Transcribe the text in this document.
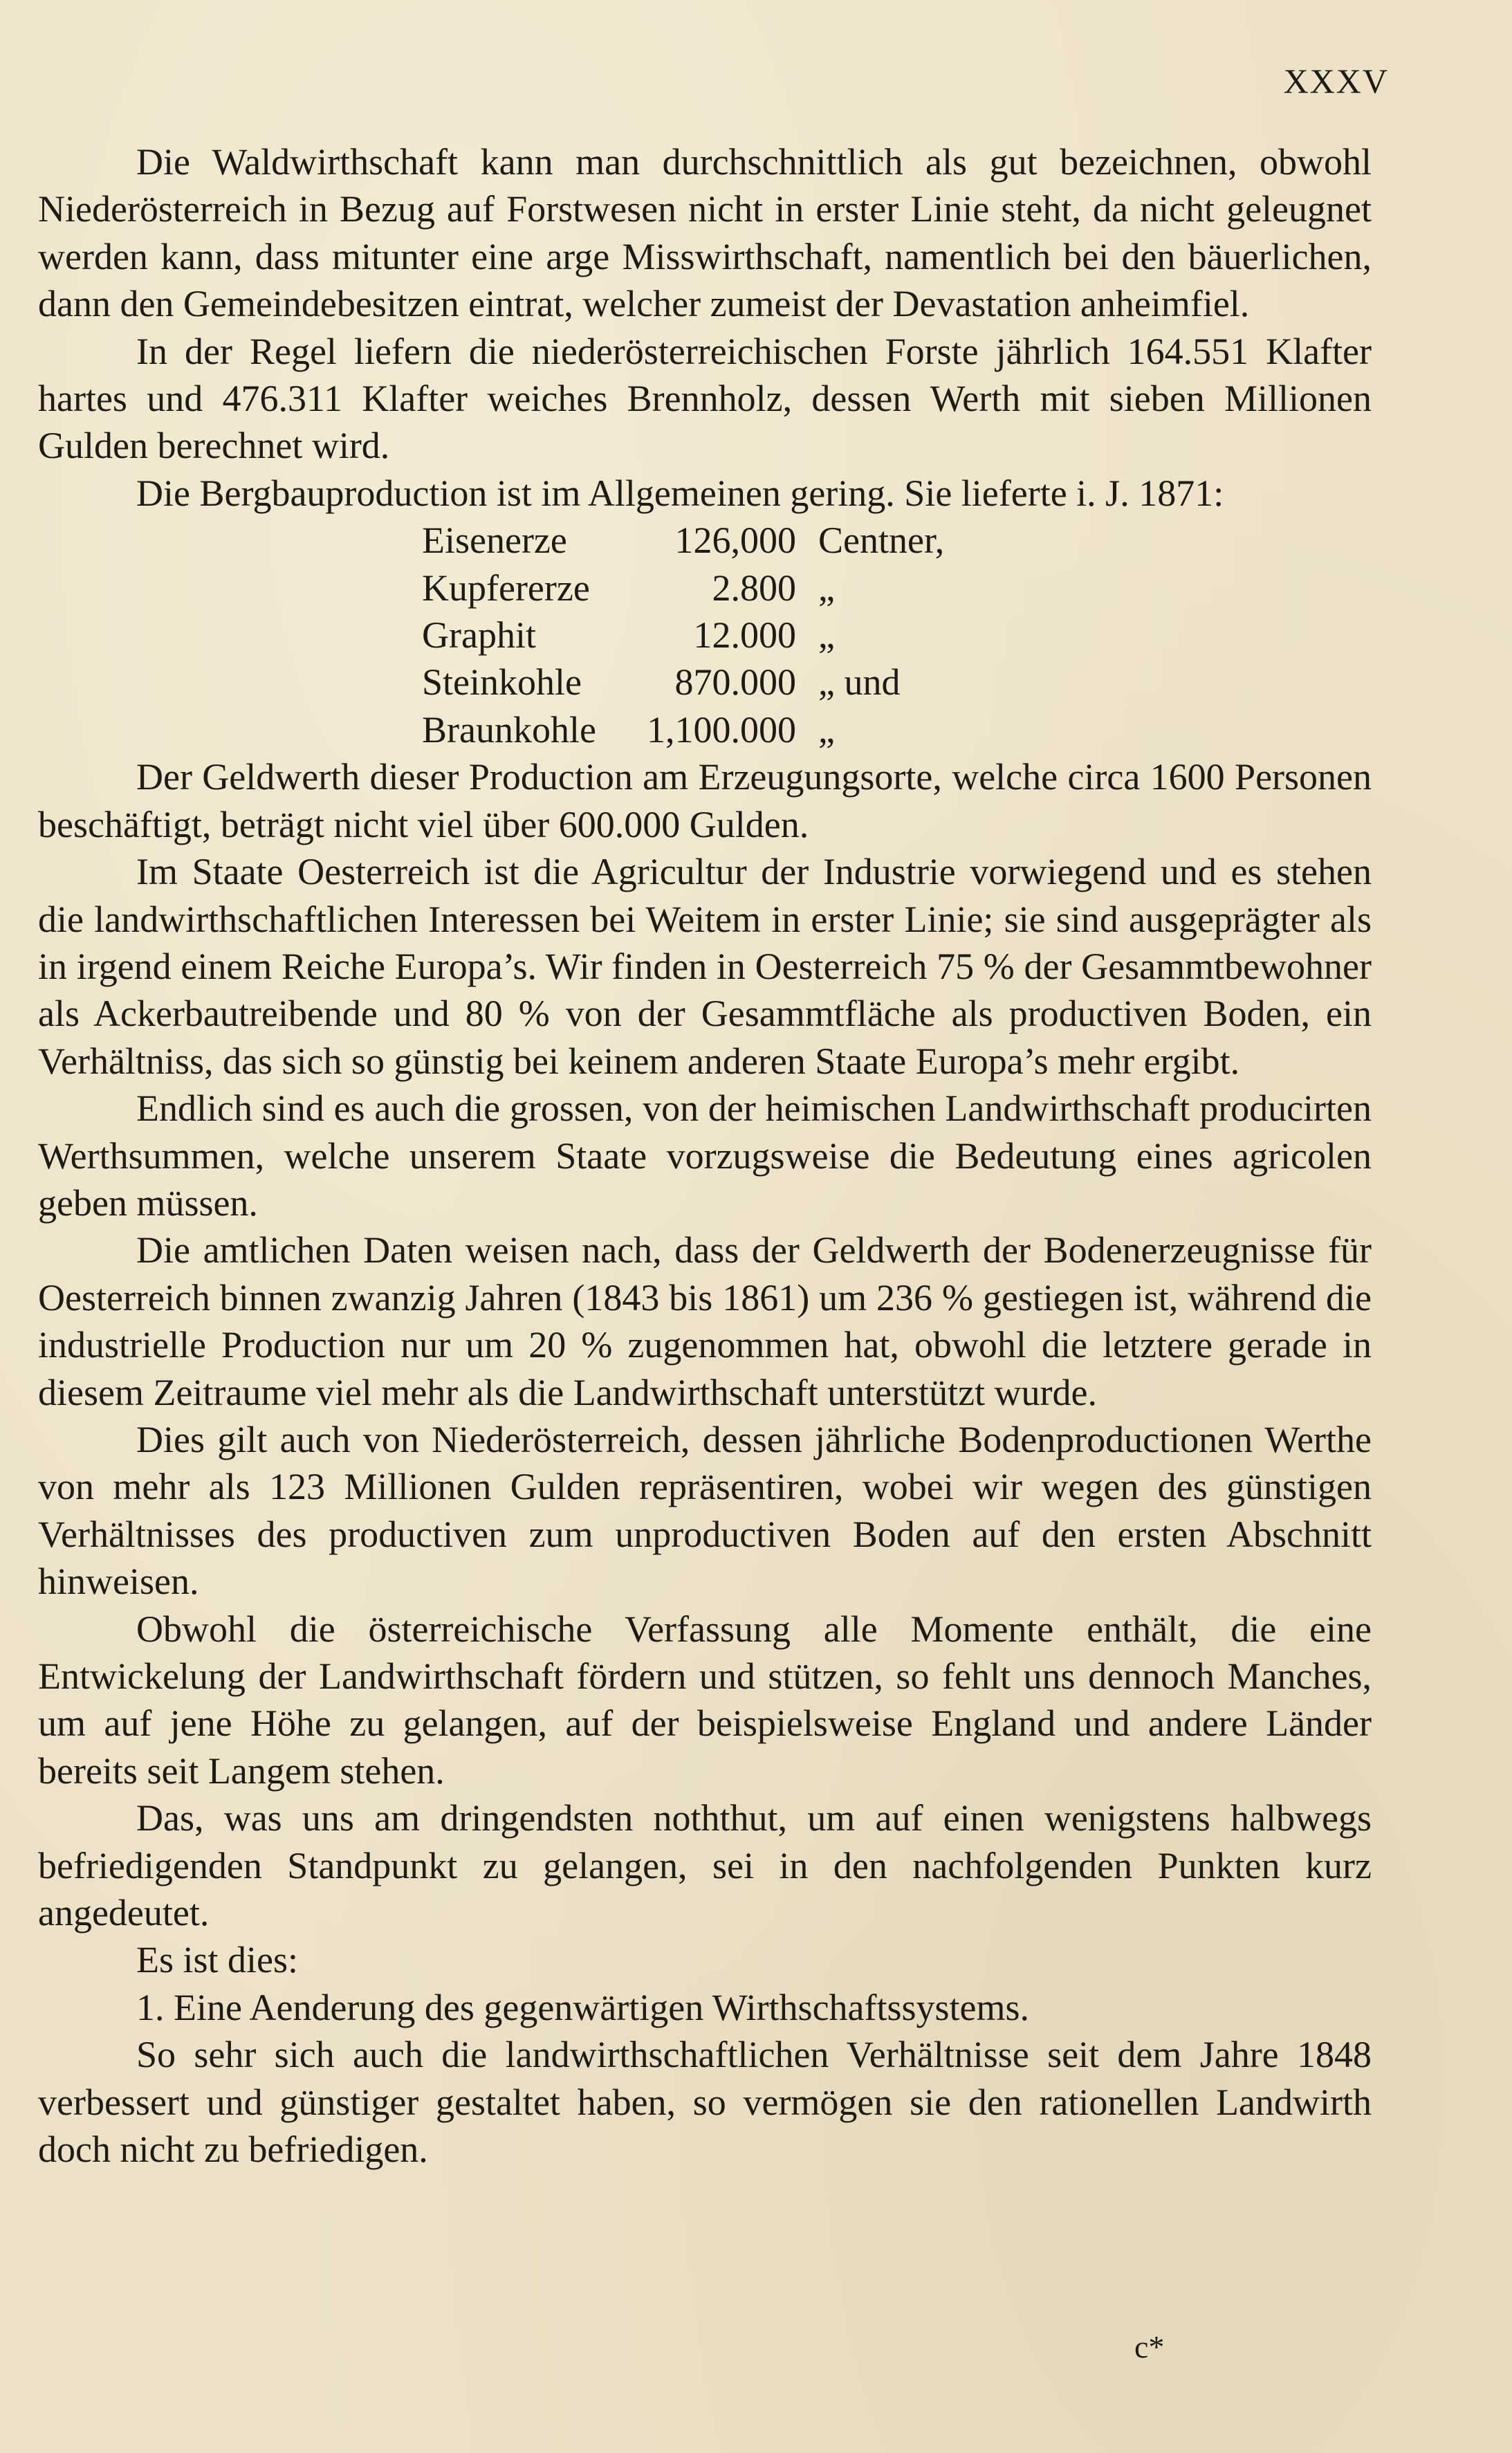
XXXV

Die Waldwirthschaft kann man durchschnittlich als gut bezeichnen, obwohl Niederösterreich in Bezug auf Forstwesen nicht in erster Linie steht, da nicht geleugnet werden kann, dass mitunter eine arge Misswirthschaft, namentlich bei den bäuerlichen, dann den Gemeindebesitzen eintrat, welcher zumeist der Devastation anheimfiel.

In der Regel liefern die niederösterreichischen Forste jährlich 164.551 Klafter hartes und 476.311 Klafter weiches Brennholz, dessen Werth mit sieben Millionen Gulden berechnet wird.

Die Bergbauproduction ist im Allgemeinen gering. Sie lieferte i. J. 1871:

Eisenerze	126,000	Centner,
Kupfererze	2.800	„
Graphit	12.000	„
Steinkohle	870.000	„ und
Braunkohle	1,100.000	„

Der Geldwerth dieser Production am Erzeugungsorte, welche circa 1600 Personen beschäftigt, beträgt nicht viel über 600.000 Gulden.

Im Staate Oesterreich ist die Agricultur der Industrie vorwiegend und es stehen die landwirthschaftlichen Interessen bei Weitem in erster Linie; sie sind ausgeprägter als in irgend einem Reiche Europa’s. Wir finden in Oesterreich 75 % der Gesammtbewohner als Ackerbautreibende und 80 % von der Gesammtfläche als productiven Boden, ein Verhältniss, das sich so günstig bei keinem anderen Staate Europa’s mehr ergibt.

Endlich sind es auch die grossen, von der heimischen Landwirthschaft producirten Werthsummen, welche unserem Staate vorzugsweise die Bedeutung eines agricolen geben müssen.

Die amtlichen Daten weisen nach, dass der Geldwerth der Bodenerzeugnisse für Oesterreich binnen zwanzig Jahren (1843 bis 1861) um 236 % gestiegen ist, während die industrielle Production nur um 20 % zugenommen hat, obwohl die letztere gerade in diesem Zeitraume viel mehr als die Landwirthschaft unterstützt wurde.

Dies gilt auch von Niederösterreich, dessen jährliche Bodenproductionen Werthe von mehr als 123 Millionen Gulden repräsentiren, wobei wir wegen des günstigen Verhältnisses des productiven zum unproductiven Boden auf den ersten Abschnitt hinweisen.

Obwohl die österreichische Verfassung alle Momente enthält, die eine Entwickelung der Landwirthschaft fördern und stützen, so fehlt uns dennoch Manches, um auf jene Höhe zu gelangen, auf der beispielsweise England und andere Länder bereits seit Langem stehen.

Das, was uns am dringendsten noththut, um auf einen wenigstens halbwegs befriedigenden Standpunkt zu gelangen, sei in den nachfolgenden Punkten kurz angedeutet.

Es ist dies:

1. Eine Aenderung des gegenwärtigen Wirthschaftssystems.

So sehr sich auch die landwirthschaftlichen Verhältnisse seit dem Jahre 1848 verbessert und günstiger gestaltet haben, so vermögen sie den rationellen Landwirth doch nicht zu befriedigen.

c*
